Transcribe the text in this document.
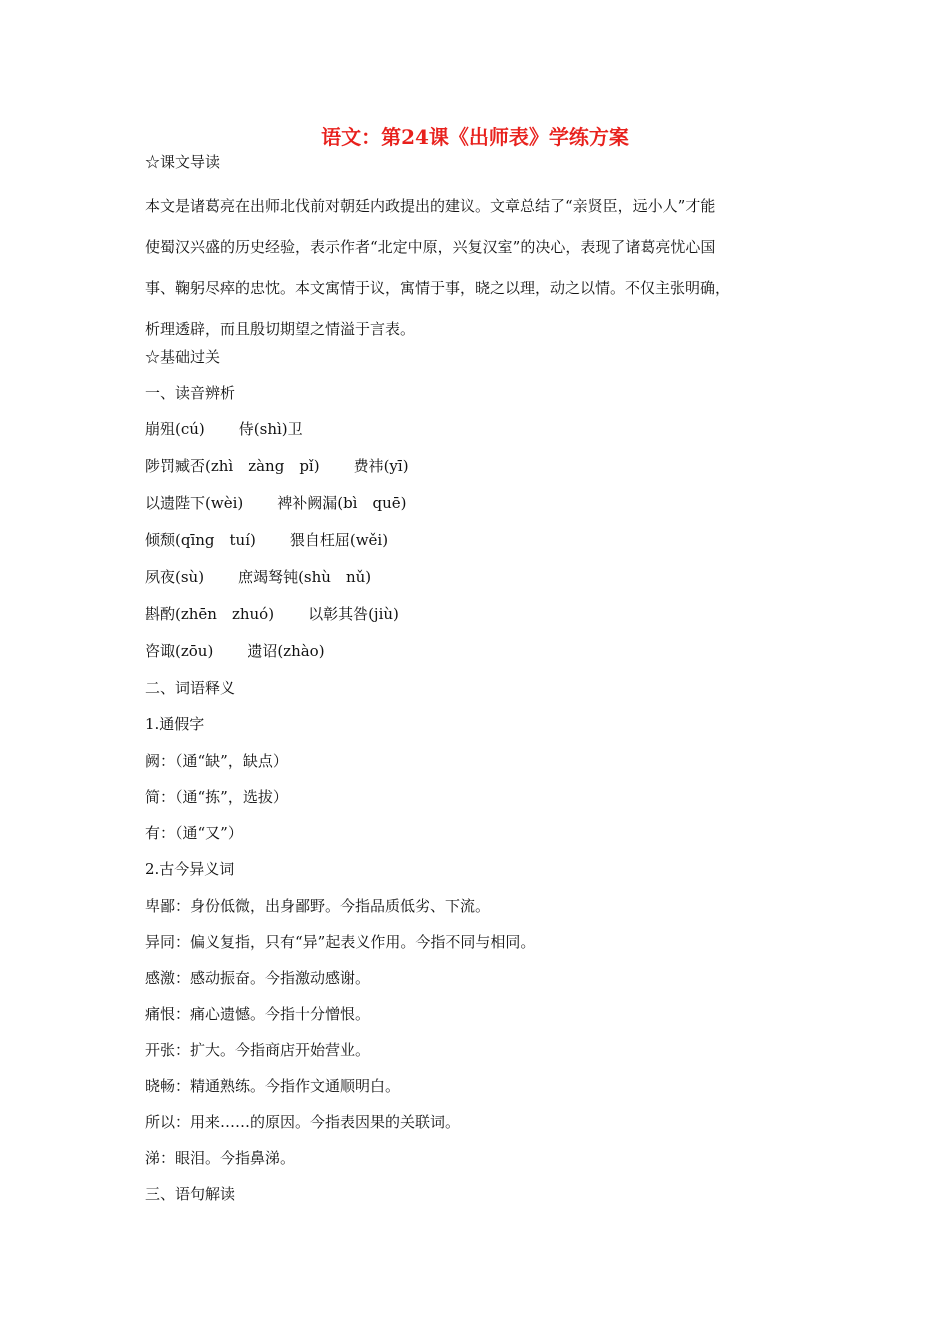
语文：第24课《出师表》学练方案
☆课文导读
本文是诸葛亮在出师北伐前对朝廷内政提出的建议。文章总结了“亲贤臣，远小人”才能
使蜀汉兴盛的历史经验，表示作者“北定中原，兴复汉室”的决心，表现了诸葛亮忧心国
事、鞠躬尽瘁的忠忱。本文寓情于议，寓情于事，晓之以理，动之以情。不仅主张明确，
析理透辟，而且殷切期望之情溢于言表。
☆基础过关
一、读音辨析
崩殂(cú) 侍(shì)卫
陟罚臧否(zhì　zàng　pǐ) 费祎(yī)
以遗陛下(wèi) 裨补阙漏(bì　quē)
倾颓(qīng　tuí) 猥自枉屈(wěi)
夙夜(sù) 庶竭驽钝(shù　nǔ)
斟酌(zhēn　zhuó) 以彰其咎(jiù)
咨诹(zōu) 遗诏(zhào)
二、词语释义
1.通假字
阙：（通“缺”，缺点）
简：（通“拣”，选拔）
有：（通“又”）
2.古今异义词
卑鄙：身份低微，出身鄙野。今指品质低劣、下流。
异同：偏义复指，只有“异”起表义作用。今指不同与相同。
感激：感动振奋。今指激动感谢。
痛恨：痛心遗憾。今指十分憎恨。
开张：扩大。今指商店开始营业。
晓畅：精通熟练。今指作文通顺明白。
所以：用来……的原因。今指表因果的关联词。
涕：眼泪。今指鼻涕。
三、语句解读
